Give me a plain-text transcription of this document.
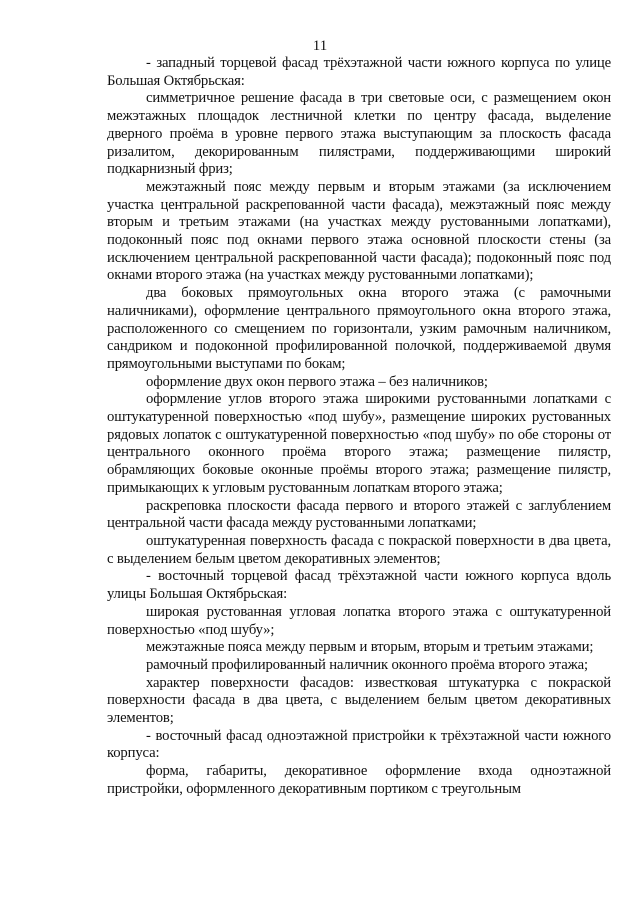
11

- западный торцевой фасад трёхэтажной части южного корпуса по улице Большая Октябрьская:

симметричное решение фасада в три световые оси, с размещением окон межэтажных площадок лестничной клетки по центру фасада, выделение дверного проёма в уровне первого этажа выступающим за плоскость фасада ризалитом, декорированным пилястрами, поддерживающими широкий подкарнизный фриз;

межэтажный пояс между первым и вторым этажами (за исключением участка центральной раскрепованной части фасада), межэтажный пояс между вторым и третьим этажами (на участках между рустованными лопатками), подоконный пояс под окнами первого этажа основной плоскости стены (за исключением центральной раскрепованной части фасада); подоконный пояс под окнами второго этажа (на участках между рустованными лопатками);

два боковых прямоугольных окна второго этажа (с рамочными наличниками), оформление центрального прямоугольного окна второго этажа, расположенного со смещением по горизонтали, узким рамочным наличником, сандриком и подоконной профилированной полочкой, поддерживаемой двумя прямоугольными выступами по бокам;

оформление двух окон первого этажа – без наличников;

оформление углов второго этажа широкими рустованными лопатками с оштукатуренной поверхностью «под шубу», размещение широких рустованных рядовых лопаток с оштукатуренной поверхностью «под шубу» по обе стороны от центрального оконного проёма второго этажа; размещение пилястр, обрамляющих боковые оконные проёмы второго этажа; размещение пилястр, примыкающих к угловым рустованным лопаткам второго этажа;

раскреповка плоскости фасада первого и второго этажей с заглублением центральной части фасада между рустованными лопатками;

оштукатуренная поверхность фасада с покраской поверхности в два цвета, с выделением белым цветом декоративных элементов;

- восточный торцевой фасад трёхэтажной части южного корпуса вдоль улицы Большая Октябрьская:

широкая рустованная угловая лопатка второго этажа с оштукатуренной поверхностью «под шубу»;

межэтажные пояса между первым и вторым, вторым и третьим этажами;

рамочный профилированный наличник оконного проёма второго этажа;

характер поверхности фасадов: известковая штукатурка с покраской поверхности фасада в два цвета, с выделением белым цветом декоративных элементов;

- восточный фасад одноэтажной пристройки к трёхэтажной части южного корпуса:

форма, габариты, декоративное оформление входа одноэтажной пристройки, оформленного декоративным портиком с треугольным
